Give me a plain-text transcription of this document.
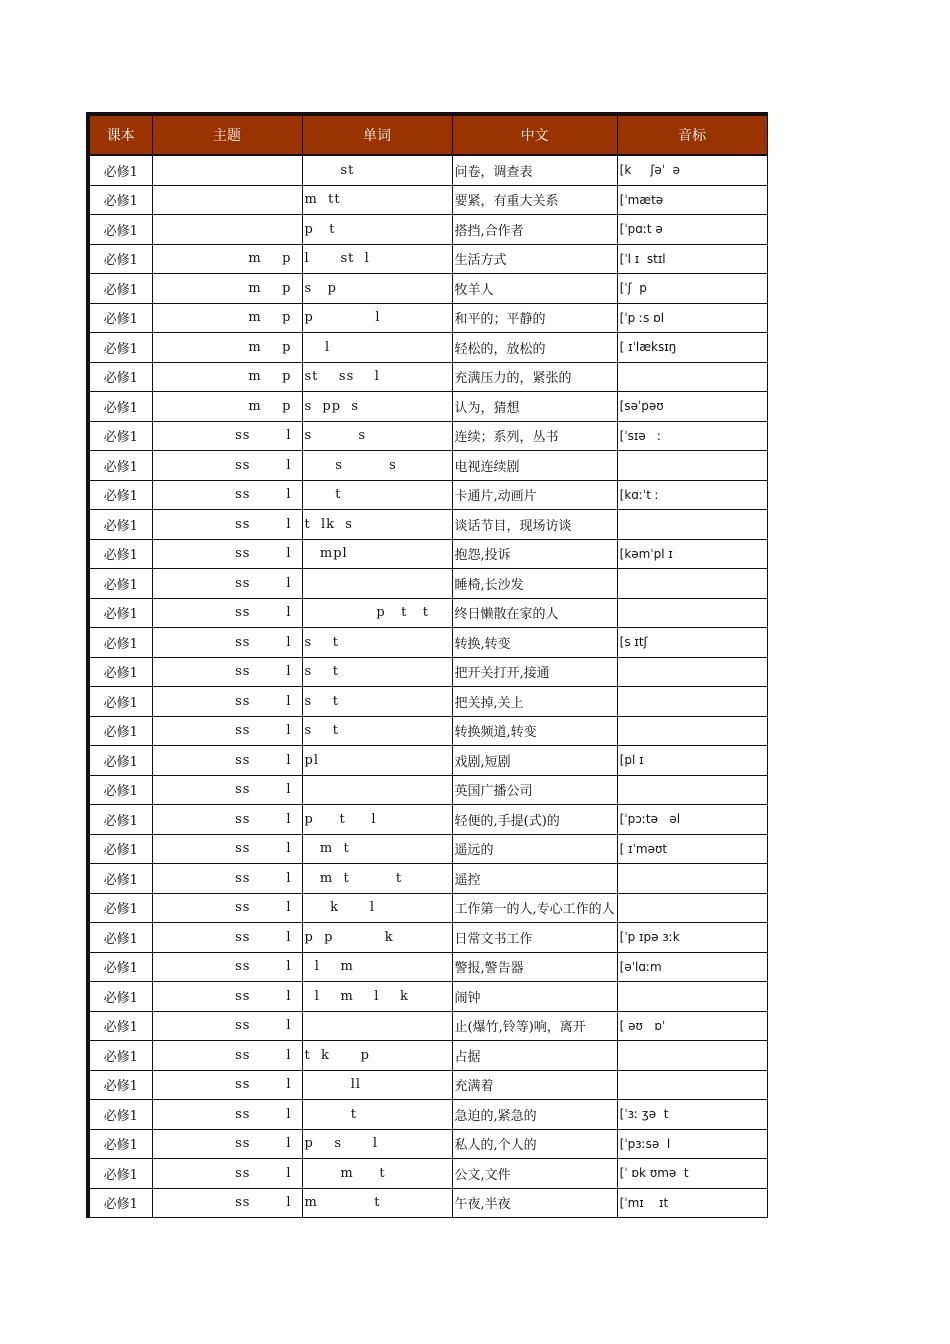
课本	主题	单词	中文	音标
必修1		st	问卷，调查表	[k     ʃəˈ  ə
必修1		m  tt	要紧，有重大关系	[ˈmætə
必修1		p   t	搭挡,合作者	[ˈpɑːt ə
必修1	m    p	l      st  l	生活方式	[ˈl ɪ  stɪl
必修1	m    p	s   p	牧羊人	[ˈʃ  p
必修1	m    p	p            l	和平的；平静的	[ˈp ːs ɒl
必修1	m    p	l	轻松的，放松的	[ ɪˈlæksɪŋ
必修1	m    p	st    ss    l	充满压力的，紧张的	
必修1	m    p	s  pp  s	认为，猜想	[səˈpəʊ
必修1	ss       l	s         s	连续；系列，丛书	[ˈsɪə   ː
必修1	ss       l	s         s	电视连续剧	
必修1	ss       l	t	卡通片,动画片	[kɑːˈt ː
必修1	ss       l	t  lk  s	谈话节目，现场访谈	
必修1	ss       l	mpl	抱怨,投诉	[kəmˈpl ɪ
必修1	ss       l		睡椅,长沙发	
必修1	ss       l	p   t   t	终日懒散在家的人	
必修1	ss       l	s    t	转换,转变	[s ɪtʃ
必修1	ss       l	s    t	把开关打开,接通	
必修1	ss       l	s    t	把关掉,关上	
必修1	ss       l	s    t	转换频道,转变	
必修1	ss       l	pl	戏剧,短剧	[pl ɪ
必修1	ss       l		英国广播公司	
必修1	ss       l	p     t     l	轻便的,手提(式)的	[ˈpɔːtə   əl
必修1	ss       l	m  t	遥远的	[ ɪˈməʊt
必修1	ss       l	m  t         t	遥控	
必修1	ss       l	k      l	工作第一的人,专心工作的人	
必修1	ss       l	p  p          k	日常文书工作	[ˈp ɪpə ɜːk
必修1	ss       l	l    m	警报,警告器	[əˈlɑːm
必修1	ss       l	l    m    l    k	闹钟	
必修1	ss       l		止(爆竹,铃等)响，离开	[ əʊ   ɒˈ
必修1	ss       l	t  k      p	占据	
必修1	ss       l	ll	充满着	
必修1	ss       l	t	急迫的,紧急的	[ˈɜː ʒə  t
必修1	ss       l	p    s      l	私人的,个人的	[ˈpɜːsə  l
必修1	ss       l	m     t	公文,文件	[ˈ ɒk ʊmə  t
必修1	ss       l	m           t	午夜,半夜	[ˈmɪ    ɪt
